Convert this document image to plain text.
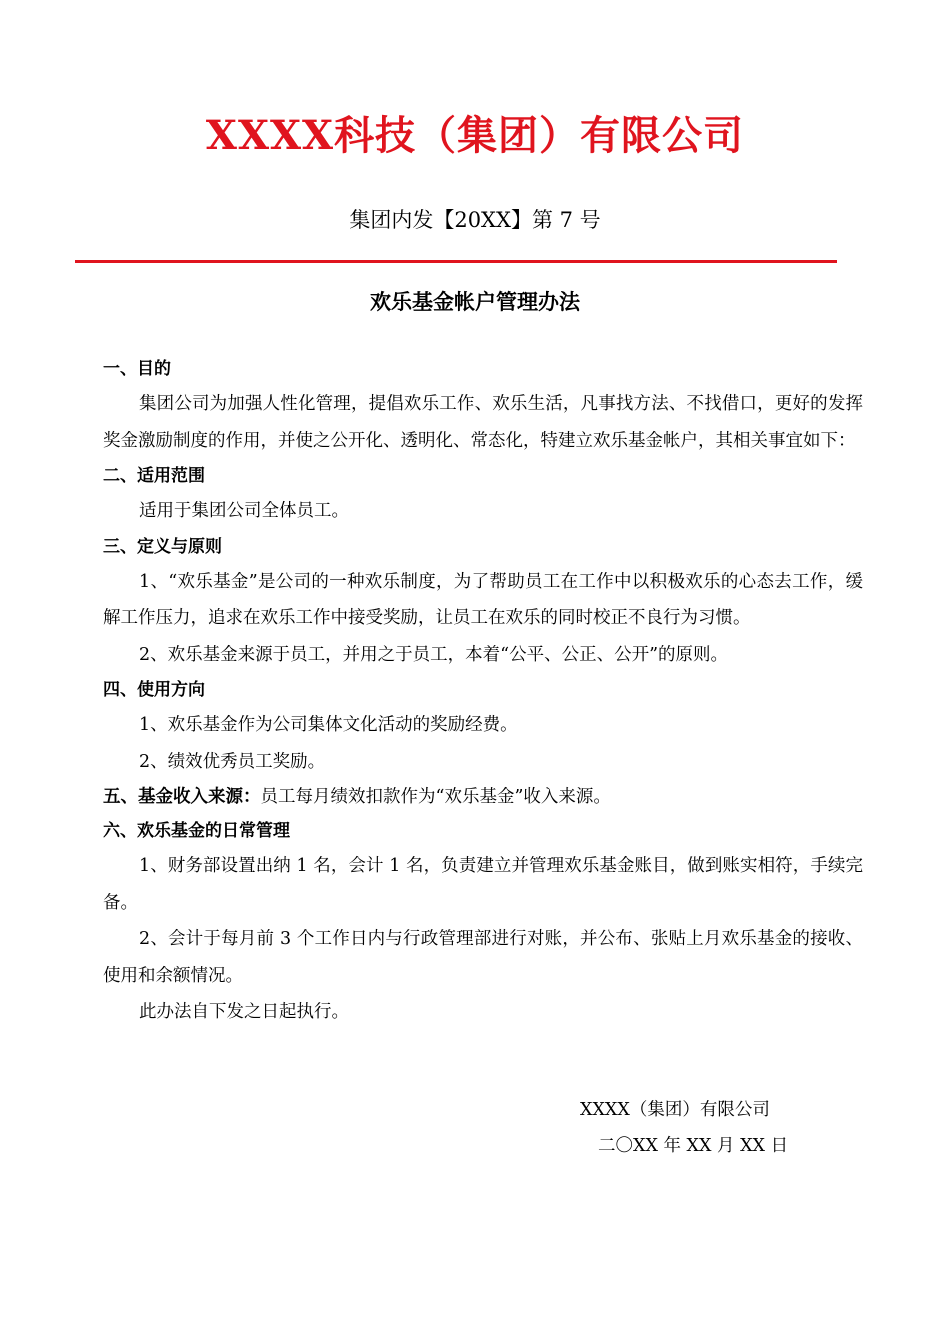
XXXX科技（集团）有限公司
集团内发【20XX】第 7 号
欢乐基金帐户管理办法

一、目的

集团公司为加强人性化管理，提倡欢乐工作、欢乐生活，凡事找方法、不找借口，更好的发挥奖金激励制度的作用，并使之公开化、透明化、常态化，特建立欢乐基金帐户，其相关事宜如下：

二、适用范围

适用于集团公司全体员工。

三、定义与原则

1、“欢乐基金”是公司的一种欢乐制度，为了帮助员工在工作中以积极欢乐的心态去工作，缓解工作压力，追求在欢乐工作中接受奖励，让员工在欢乐的同时校正不良行为习惯。

2、欢乐基金来源于员工，并用之于员工，本着“公平、公正、公开”的原则。

四、使用方向

1、欢乐基金作为公司集体文化活动的奖励经费。

2、绩效优秀员工奖励。

五、基金收入来源：员工每月绩效扣款作为“欢乐基金”收入来源。

六、欢乐基金的日常管理

1、财务部设置出纳 1 名，会计 1 名，负责建立并管理欢乐基金账目，做到账实相符，手续完备。

2、会计于每月前 3 个工作日内与行政管理部进行对账，并公布、张贴上月欢乐基金的接收、使用和余额情况。

此办法自下发之日起执行。

XXXX（集团）有限公司
二〇XX 年 XX 月 XX 日
